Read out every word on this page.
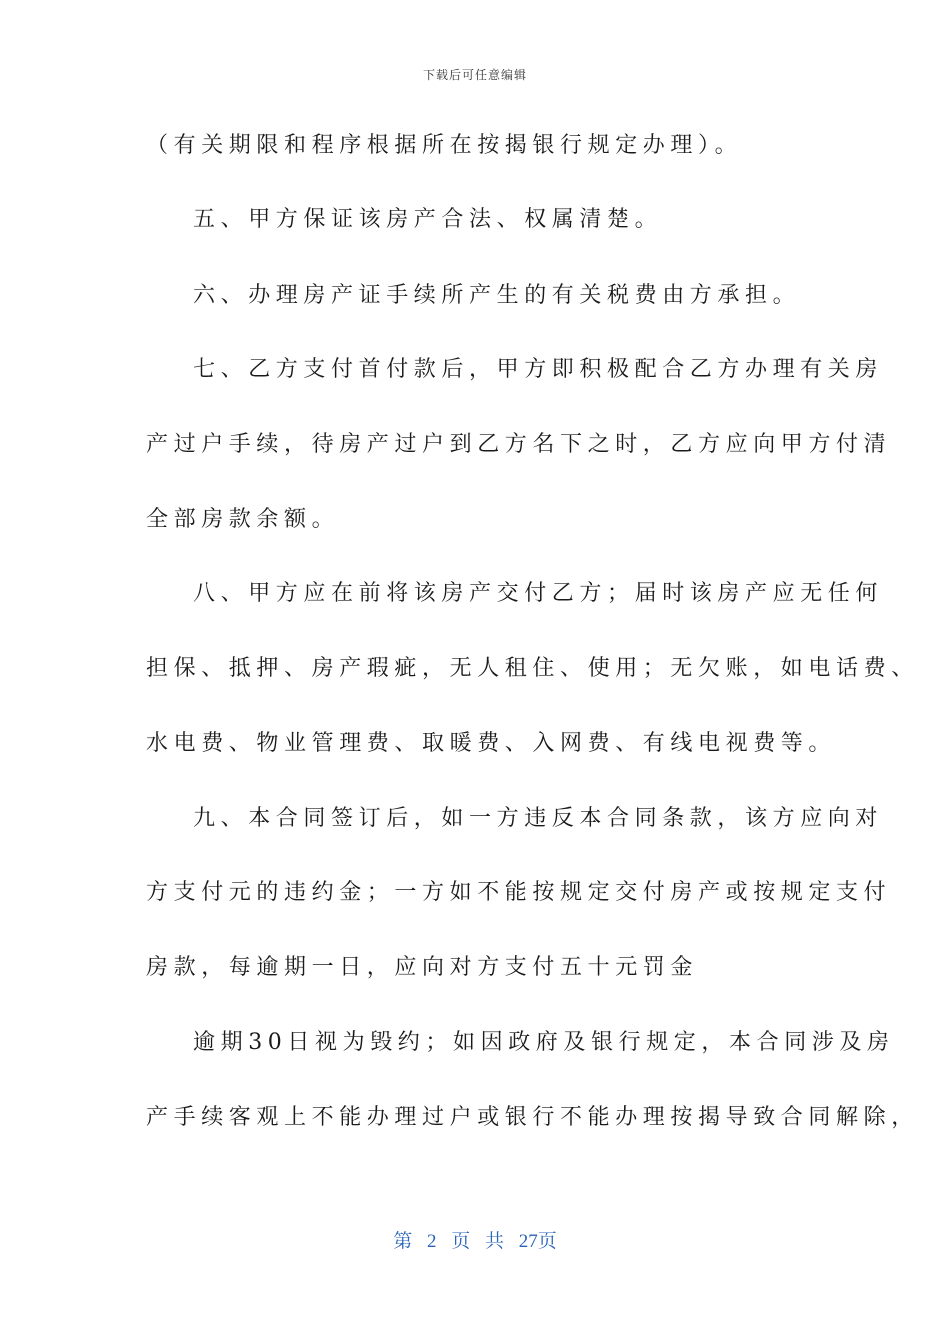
下载后可任意编辑
（有关期限和程序根据所在按揭银行规定办理）。
五、甲方保证该房产合法、权属清楚。
六、办理房产证手续所产生的有关税费由方承担。
七、乙方支付首付款后，甲方即积极配合乙方办理有关房
产过户手续，待房产过户到乙方名下之时，乙方应向甲方付清
全部房款余额。
八、甲方应在前将该房产交付乙方；届时该房产应无任何
担保、抵押、房产瑕疵，无人租住、使用；无欠账，如电话费、
水电费、物业管理费、取暖费、入网费、有线电视费等。
九、本合同签订后，如一方违反本合同条款，该方应向对
方支付元的违约金；一方如不能按规定交付房产或按规定支付
房款，每逾期一日，应向对方支付五十元罚金
逾期30日视为毁约；如因政府及银行规定，本合同涉及房
产手续客观上不能办理过户或银行不能办理按揭导致合同解除，
第 2 页 共 27页
